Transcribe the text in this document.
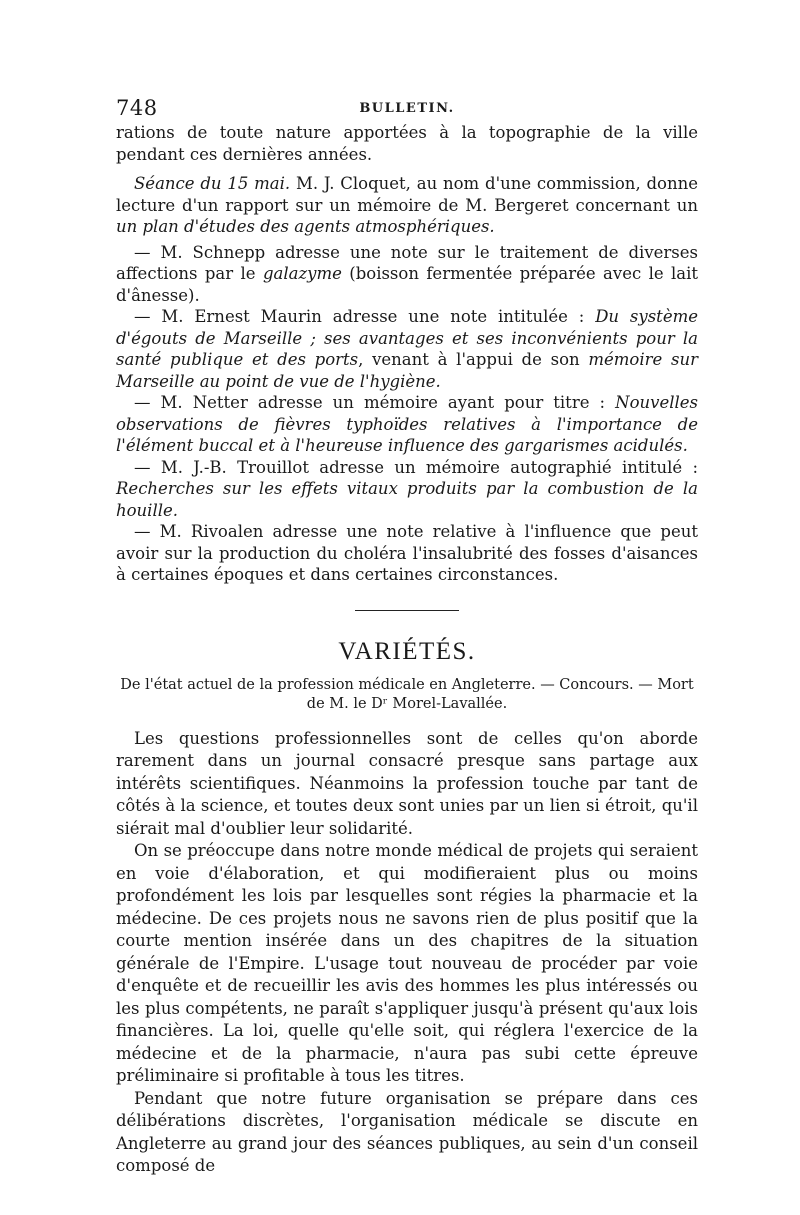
748	BULLETIN.

rations de toute nature apportées à la topographie de la ville pendant ces dernières années.

Séance du 15 mai. M. J. Cloquet, au nom d'une commission, donne lecture d'un rapport sur un mémoire de M. Bergeret concernant un un plan d'études des agents atmosphériques.

— M. Schnepp adresse une note sur le traitement de diverses affections par le galazyme (boisson fermentée préparée avec le lait d'ânesse).

— M. Ernest Maurin adresse une note intitulée : Du système d'égouts de Marseille ; ses avantages et ses inconvénients pour la santé publique et des ports, venant à l'appui de son mémoire sur Marseille au point de vue de l'hygiène.

— M. Netter adresse un mémoire ayant pour titre : Nouvelles observations de fièvres typhoïdes relatives à l'importance de l'élément buccal et à l'heureuse influence des gargarismes acidulés.

— M. J.-B. Trouillot adresse un mémoire autographié intitulé : Recherches sur les effets vitaux produits par la combustion de la houille.

— M. Rivoalen adresse une note relative à l'influence que peut avoir sur la production du choléra l'insalubrité des fosses d'aisances à certaines époques et dans certaines circonstances.

VARIÉTÉS.
De l'état actuel de la profession médicale en Angleterre. — Concours. — Mort
de M. le Dʳ Morel-Lavallée.

Les questions professionnelles sont de celles qu'on aborde rarement dans un journal consacré presque sans partage aux intérêts scientifiques. Néanmoins la profession touche par tant de côtés à la science, et toutes deux sont unies par un lien si étroit, qu'il siérait mal d'oublier leur solidarité.

On se préoccupe dans notre monde médical de projets qui seraient en voie d'élaboration, et qui modifieraient plus ou moins profondément les lois par lesquelles sont régies la pharmacie et la médecine. De ces projets nous ne savons rien de plus positif que la courte mention insérée dans un des chapitres de la situation générale de l'Empire. L'usage tout nouveau de procéder par voie d'enquête et de recueillir les avis des hommes les plus intéressés ou les plus compétents, ne paraît s'appliquer jusqu'à présent qu'aux lois financières. La loi, quelle qu'elle soit, qui réglera l'exercice de la médecine et de la pharmacie, n'aura pas subi cette épreuve préliminaire si profitable à tous les titres.

Pendant que notre future organisation se prépare dans ces délibérations discrètes, l'organisation médicale se discute en Angleterre au grand jour des séances publiques, au sein d'un conseil composé de
